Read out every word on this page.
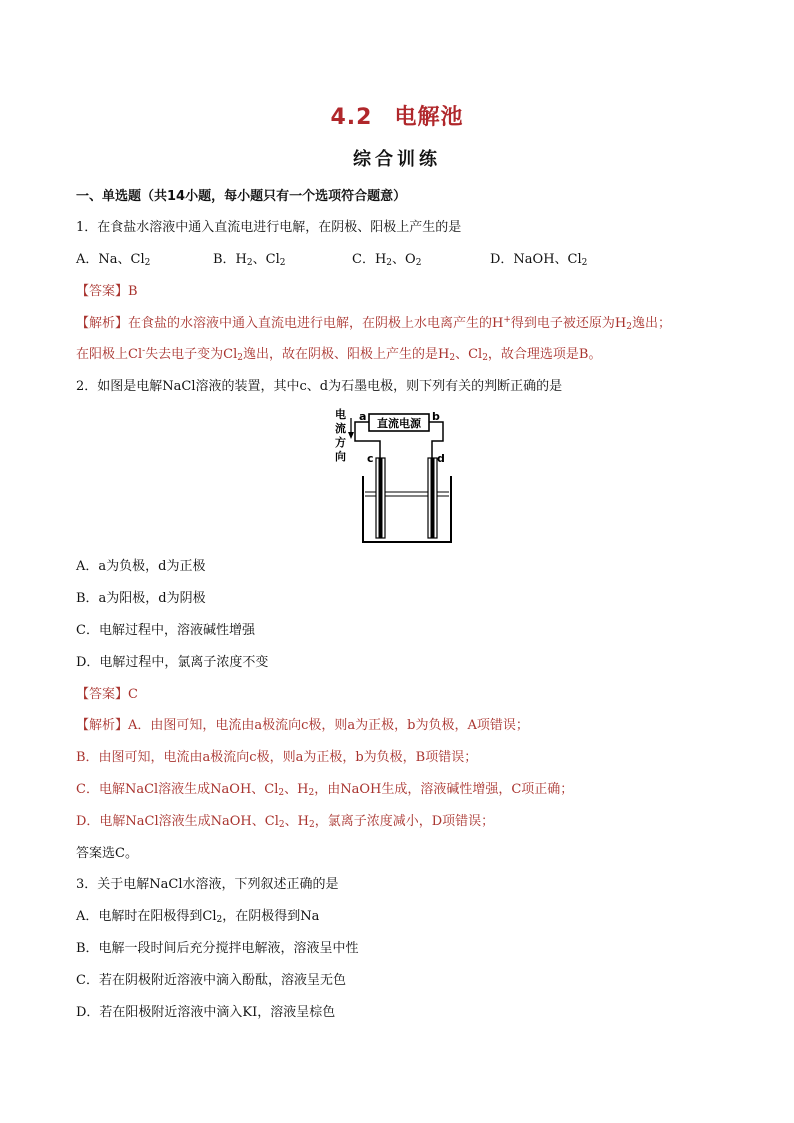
4.2 电解池
综合训练
一、单选题（共14小题，每小题只有一个选项符合题意）
1．在食盐水溶液中通入直流电进行电解，在阴极、阳极上产生的是
A．Na、$Cl_2$	B．$H_2$、$Cl_2$	C．$H_2$、$O_2$	D．NaOH、$Cl_2$
【答案】B
【解析】在食盐的水溶液中通入直流电进行电解，在阴极上水电离产生的H+得到电子被还原为$H_2$逸出；
在阳极上Cl-失去电子变为$Cl_2$逸出，故在阴极、阳极上产生的是$H_2$、$Cl_2$，故合理选项是B。
2．如图是电解NaCl溶液的装置，其中c、d为石墨电极，则下列有关的判断正确的是
电
流
方
向
直流电源
a	b
c	d
A．a为负极，d为正极
B．a为阳极，d为阴极
C．电解过程中，溶液碱性增强
D．电解过程中，氯离子浓度不变
【答案】C
【解析】A．由图可知，电流由a极流向c极，则a为正极，b为负极，A项错误；
B．由图可知，电流由a极流向c极，则a为正极，b为负极，B项错误；
C．电解NaCl溶液生成NaOH、$Cl_2$、$H_2$，由NaOH生成，溶液碱性增强，C项正确；
D．电解NaCl溶液生成NaOH、$Cl_2$、$H_2$，氯离子浓度减小，D项错误；
答案选C。
3．关于电解NaCl水溶液，下列叙述正确的是
A．电解时在阳极得到$Cl_2$，在阴极得到Na
B．电解一段时间后充分搅拌电解液，溶液呈中性
C．若在阴极附近溶液中滴入酚酞，溶液呈无色
D．若在阳极附近溶液中滴入KI，溶液呈棕色
